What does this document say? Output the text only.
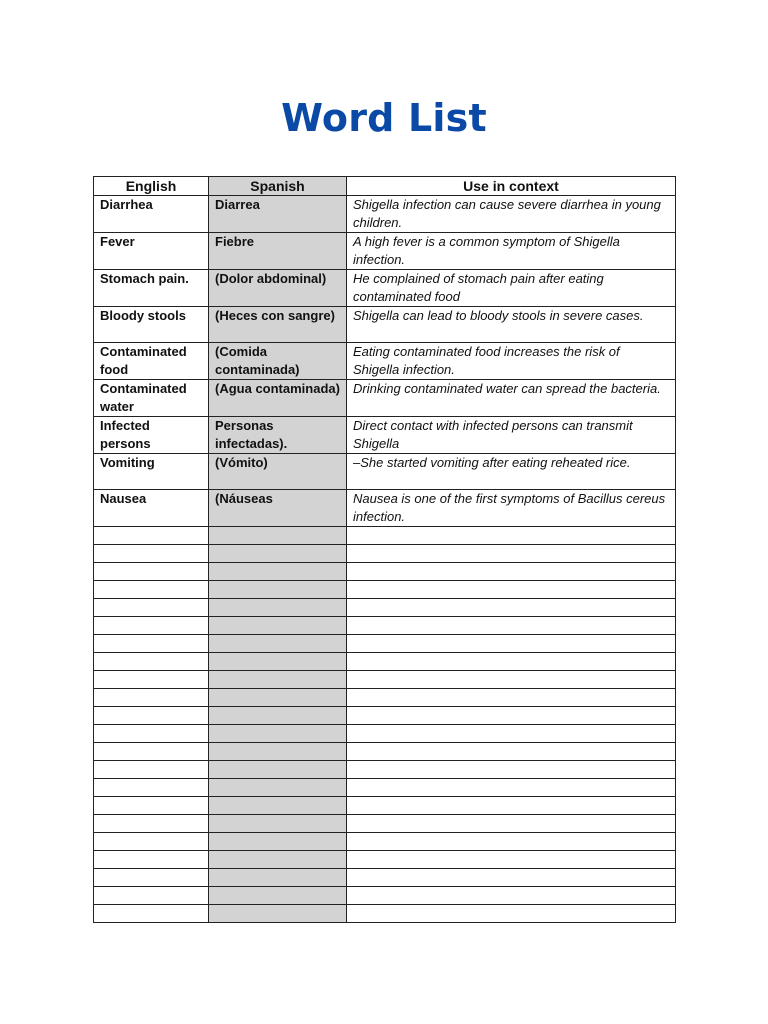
Word List
English	Spanish	Use in context
Diarrhea	Diarrea	Shigella infection can cause severe diarrhea in young children.
Fever	Fiebre	A high fever is a common symptom of Shigella infection.
Stomach pain.	(Dolor abdominal)	He complained of stomach pain after eating contaminated food
Bloody stools	(Heces con sangre)	Shigella can lead to bloody stools in severe cases.
Contaminated food	(Comida contaminada)	Eating contaminated food increases the risk of Shigella infection.
Contaminated water	(Agua contaminada)	Drinking contaminated water can spread the bacteria.
Infected persons	Personas infectadas).	Direct contact with infected persons can transmit Shigella
Vomiting	(Vómito)	–She started vomiting after eating reheated rice.
Nausea	(Náuseas	Nausea is one of the first symptoms of Bacillus cereus infection.
